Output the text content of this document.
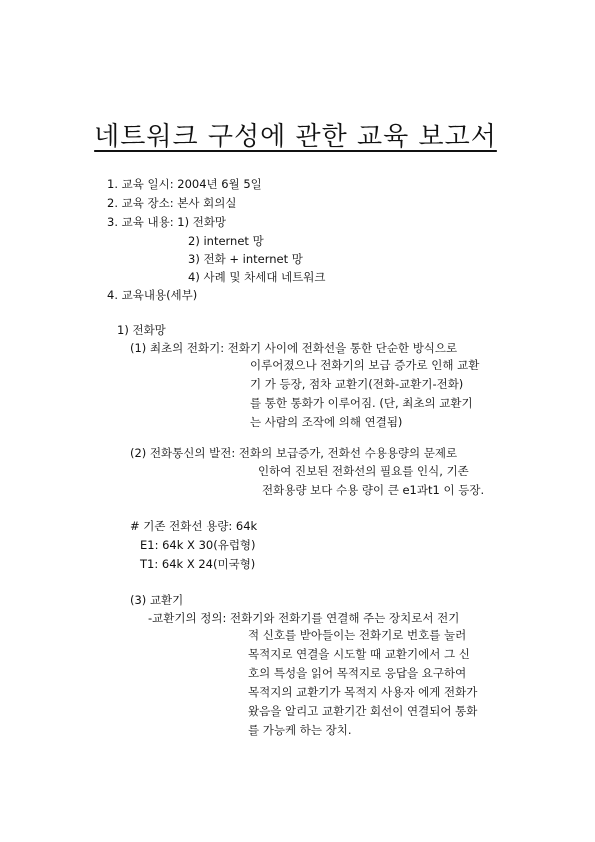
네트워크 구성에 관한 교육 보고서
1. 교육 일시: 2004년 6월 5일
2. 교육 장소: 본사 회의실
3. 교육 내용: 1) 전화망
2) internet 망
3) 전화 + internet 망
4) 사례 및 차세대 네트워크
4. 교육내용(세부)
1) 전화망
(1) 최초의 전화기: 전화기 사이에 전화선을 통한 단순한 방식으로
이루어졌으나 전화기의 보급 증가로 인해 교환
기 가 등장, 점차 교환기(전화-교환기-전화)
를 통한 통화가 이루어짐. (단, 최초의 교환기
는 사람의 조작에 의해 연결됨)
(2) 전화통신의 발전: 전화의 보급증가, 전화선 수용용량의 문제로
인하여 진보된 전화선의 필요를 인식, 기존
전화용량 보다 수용 량이 큰 e1과t1 이 등장.
# 기존 전화선 용량: 64k
E1: 64k X 30(유럽형)
T1: 64k X 24(미국형)
(3) 교환기
-교환기의 정의: 전화기와 전화기를 연결해 주는 장치로서 전기
적 신호를 받아들이는 전화기로 번호를 눌러
목적지로 연결을 시도할 때 교환기에서 그 신
호의 특성을 읽어 목적지로 응답을 요구하여
목적지의 교환기가 목적지 사용자 에게 전화가
왔음을 알리고 교환기간 회선이 연결되어 통화
를 가능케 하는 장치.
